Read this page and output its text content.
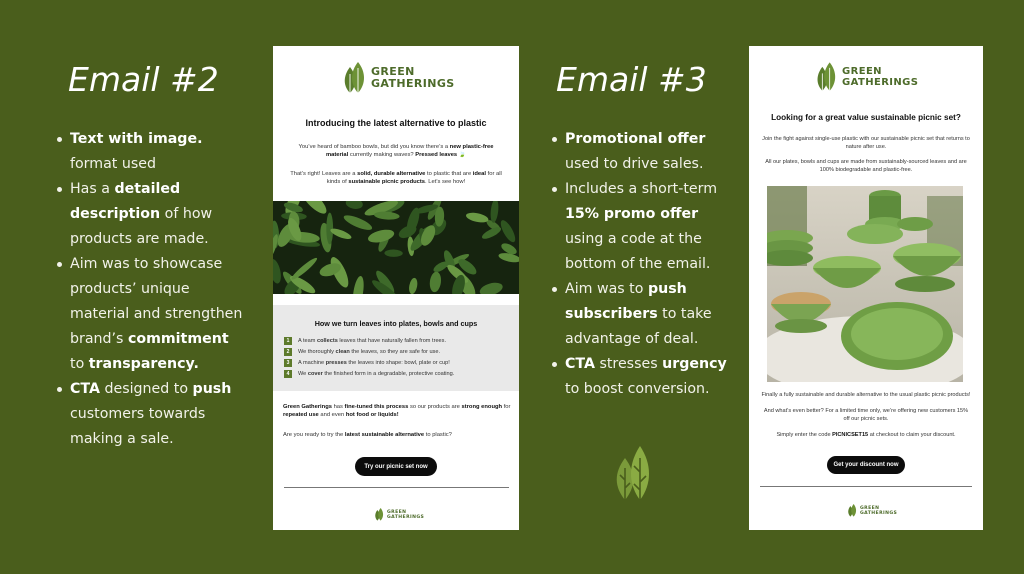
Email #2	Email #3
Text with image. format used
Has a detailed description of how products are made.
Aim was to showcase products’ unique material and strengthen brand’s commitment to transparency.
CTA designed to push customers towards making a sale.
Promotional offer used to drive sales.
Includes a short-term 15% promo offer using a code at the bottom of the email.
Aim was to push subscribers to take advantage of deal.
CTA stresses urgency to boost conversion.
GREEN
GATHERINGS
Introducing the latest alternative to plastic
You’ve heard of bamboo bowls, but did you know there’s a new plastic-free material currently making waves? Pressed leaves 🍃
That’s right! Leaves are a solid, durable alternative to plastic that are ideal for all kinds of sustainable picnic products. Let’s see how!
How we turn leaves into plates, bowls and cups
1	A team collects leaves that have naturally fallen from trees.
2	We thoroughly clean the leaves, so they are safe for use.
3	A machine presses the leaves into shape: bowl, plate or cup!
4	We cover the finished form in a degradable, protective coating.
Green Gatherings has fine-tuned this process so our products are strong enough for repeated use and even hot food or liquids!
Are you ready to try the latest sustainable alternative to plastic?
Try our picnic set now
GREEN
GATHERINGS
GREEN
GATHERINGS
Looking for a great value sustainable picnic set?
Join the fight against single-use plastic with our sustainable picnic set that returns to nature after use.
All our plates, bowls and cups are made from sustainably-sourced leaves and are 100% biodegradable and plastic-free.
Finally a fully sustainable and durable alternative to the usual plastic picnic products!
And what’s even better? For a limited time only, we’re offering new customers 15% off our picnic sets.
Simply enter the code PICNICSET15 at checkout to claim your discount.
Get your discount now
GREEN
GATHERINGS
